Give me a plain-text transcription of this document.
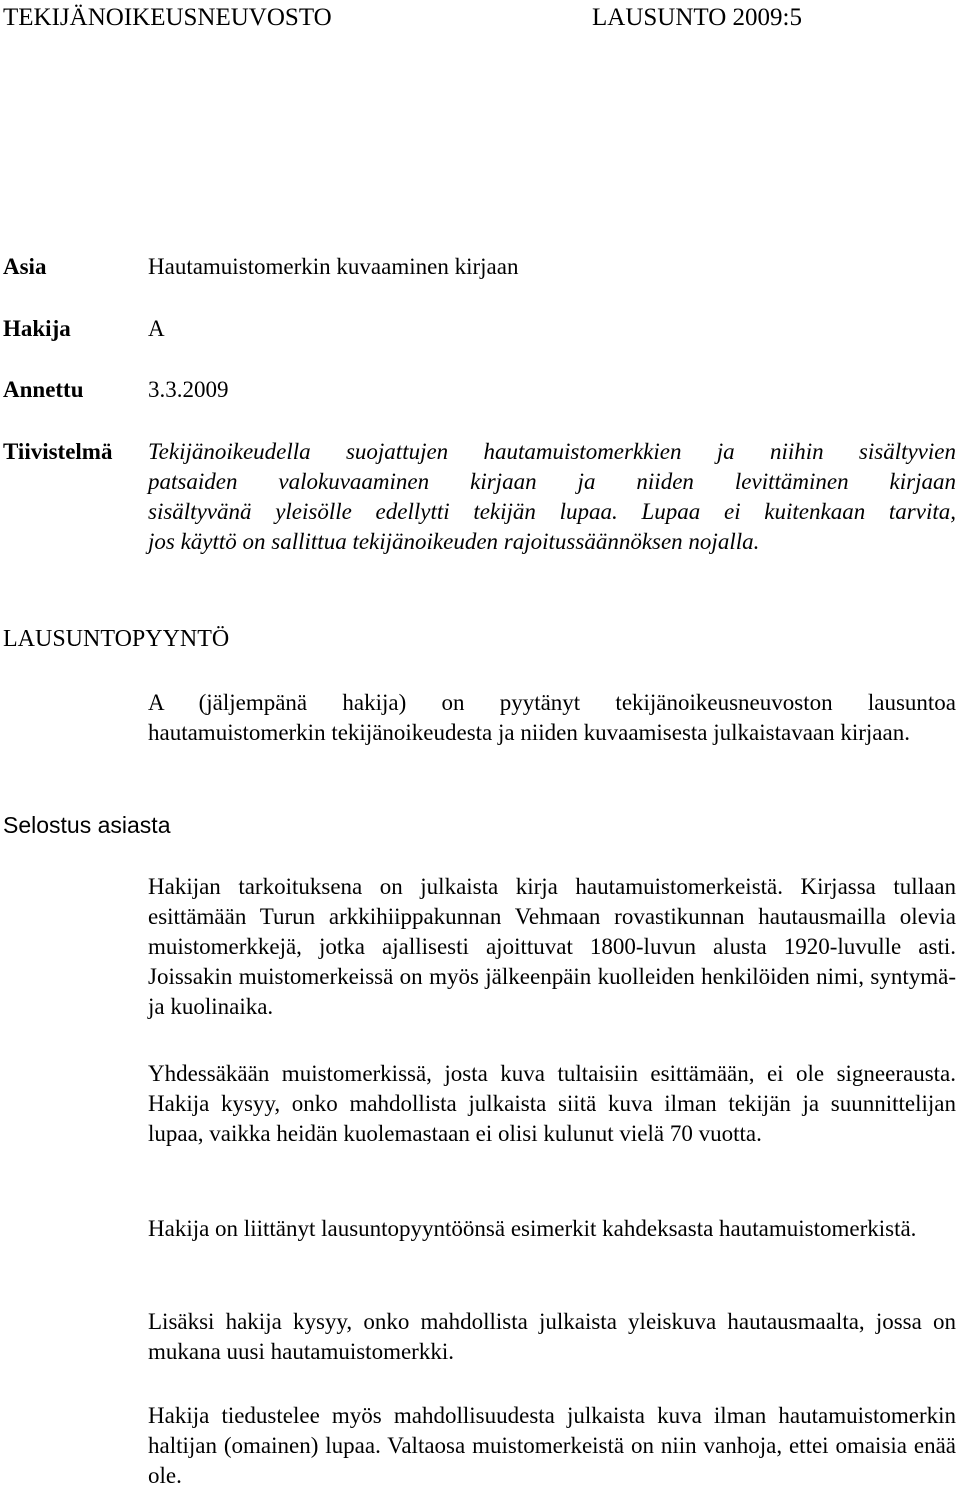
TEKIJÄNOIKEUSNEUVOSTO	LAUSUNTO 2009:5
Asia	Hautamuistomerkin kuvaaminen kirjaan
Hakija	A
Annettu	3.3.2009
Tiivistelmä Tekijänoikeudella suojattujen hautamuistomerkkien ja niihin sisältyvien
patsaiden valokuvaaminen kirjaan ja niiden levittäminen kirjaan
sisältyvänä yleisölle edellytti tekijän lupaa. Lupaa ei kuitenkaan tarvita,
jos käyttö on sallittua tekijänoikeuden rajoitussäännöksen nojalla.
LAUSUNTOPYYNTÖ

A (jäljempänä hakija) on pyytänyt tekijänoikeusneuvoston lausuntoa hautamuistomerkin tekijänoikeudesta ja niiden kuvaamisesta julkaistavaan kirjaan.

Selostus asiasta

Hakijan tarkoituksena on julkaista kirja hautamuistomerkeistä. Kirjassa tullaan esittämään Turun arkkihiippakunnan Vehmaan rovastikunnan hautausmailla olevia muistomerkkejä, jotka ajallisesti ajoittuvat 1800-luvun alusta 1920-luvulle asti. Joissakin muistomerkeissä on myös jälkeenpäin kuolleiden henkilöiden nimi, syntymä- ja kuolinaika.

Yhdessäkään muistomerkissä, josta kuva tultaisiin esittämään, ei ole signeerausta. Hakija kysyy, onko mahdollista julkaista siitä kuva ilman tekijän ja suunnittelijan lupaa, vaikka heidän kuolemastaan ei olisi kulunut vielä 70 vuotta.

Hakija on liittänyt lausuntopyyntöönsä esimerkit kahdeksasta hautamuistomerkistä.

Lisäksi hakija kysyy, onko mahdollista julkaista yleiskuva hautausmaalta, jossa on mukana uusi hautamuistomerkki.

Hakija tiedustelee myös mahdollisuudesta julkaista kuva ilman hautamuistomerkin haltijan (omainen) lupaa. Valtaosa muistomerkeistä on niin vanhoja, ettei omaisia enää ole.
